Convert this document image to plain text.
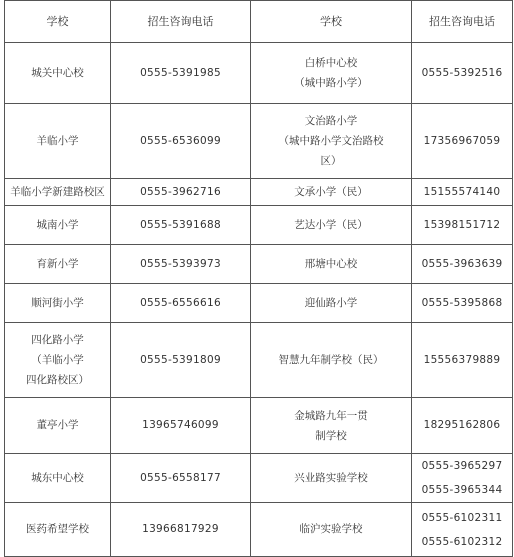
学校	招生咨询电话	学校	招生咨询电话

城关中心校	0555-5391985	白桥中心校
（城中路小学）	0555-5392516

羊临小学	0555-6536099	文治路小学
（城中路小学文治路校
区）	17356967059

羊临小学新建路校区	0555-3962716	文承小学（民）	15155574140

城南小学	0555-5391688	艺达小学（民）	15398151712

育新小学	0555-5393973	邢塘中心校	0555-3963639

顺河街小学	0555-6556616	迎仙路小学	0555-5395868

四化路小学
（羊临小学
四化路校区）	0555-5391809	智慧九年制学校（民）	15556379889

董亭小学	13965746099	金城路九年一贯
制学校	18295162806

城东中心校	0555-6558177	兴业路实验学校	0555-3965297
0555-3965344

医药希望学校	13966817929	临沪实验学校	0555-6102311
0555-6102312
